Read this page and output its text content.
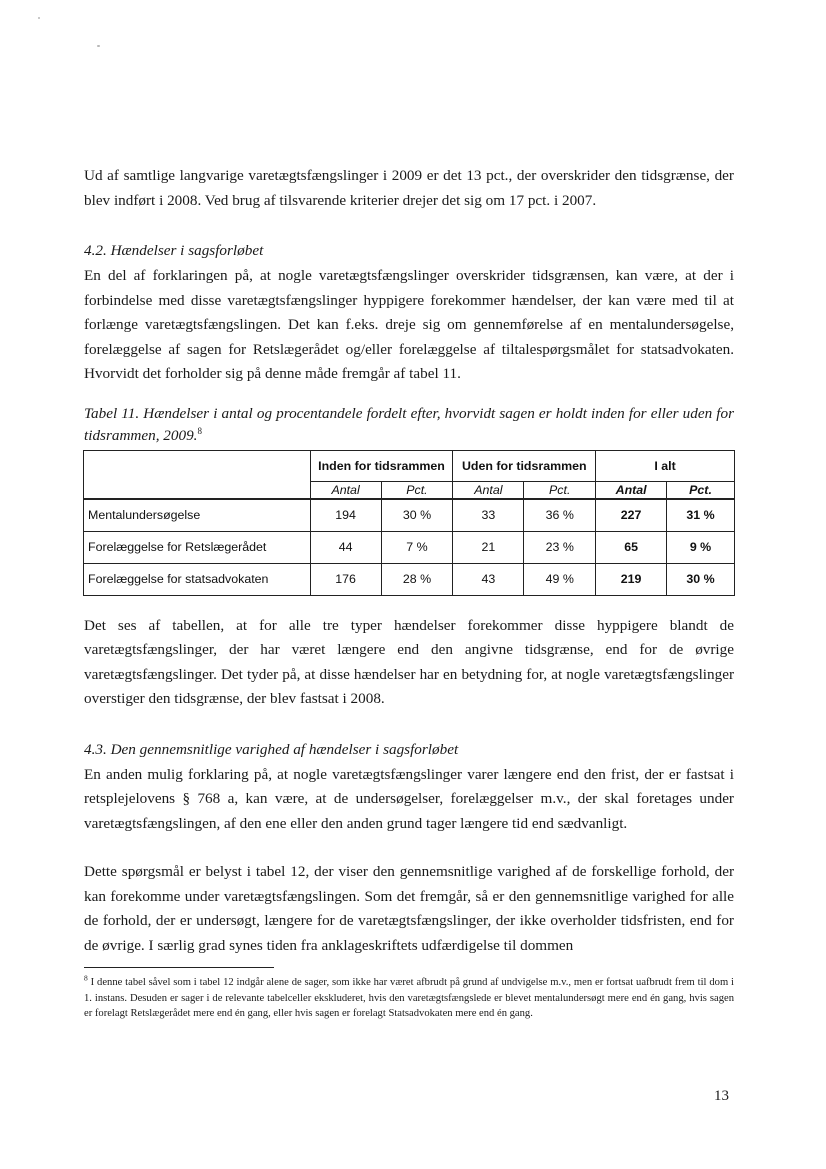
Ud af samtlige langvarige varetægtsfængslinger i 2009 er det 13 pct., der overskrider den tidsgrænse, der blev indført i 2008. Ved brug af tilsvarende kriterier drejer det sig om 17 pct. i 2007.

4.2. Hændelser i sagsforløbet

En del af forklaringen på, at nogle varetægtsfængslinger overskrider tidsgrænsen, kan være, at der i forbindelse med disse varetægtsfængslinger hyppigere forekommer hændelser, der kan være med til at forlænge varetægtsfængslingen. Det kan f.eks. dreje sig om gennemførelse af en mentalundersøgelse, forelæggelse af sagen for Retslægerådet og/eller forelæggelse af tiltalespørgsmålet for statsadvokaten. Hvorvidt det forholder sig på denne måde fremgår af tabel 11.

Tabel 11. Hændelser i antal og procentandele fordelt efter, hvorvidt sagen er holdt inden for eller uden for tidsrammen, 2009.$^8$

	Inden for tidsrammen		Uden for tidsrammen		I alt	
	Antal	Pct.	Antal	Pct.	Antal	Pct.
Mentalundersøgelse	194	30 %	33	36 %	227	31 %
Forelæggelse for Retslægerådet	44	7 %	21	23 %	65	9 %
Forelæggelse for statsadvokaten	176	28 %	43	49 %	219	30 %

Det ses af tabellen, at for alle tre typer hændelser forekommer disse hyppigere blandt de varetægtsfængslinger, der har været længere end den angivne tidsgrænse, end for de øvrige varetægtsfængslinger. Det tyder på, at disse hændelser har en betydning for, at nogle varetægtsfængslinger overstiger den tidsgrænse, der blev fastsat i 2008.

4.3. Den gennemsnitlige varighed af hændelser i sagsforløbet

En anden mulig forklaring på, at nogle varetægtsfængslinger varer længere end den frist, der er fastsat i retsplejelovens § 768 a, kan være, at de undersøgelser, forelæggelser m.v., der skal foretages under varetægtsfængslingen, af den ene eller den anden grund tager længere tid end sædvanligt.

Dette spørgsmål er belyst i tabel 12, der viser den gennemsnitlige varighed af de forskellige forhold, der kan forekomme under varetægtsfængslingen. Som det fremgår, så er den gennemsnitlige varighed for alle de forhold, der er undersøgt, længere for de varetægtsfængslinger, der ikke overholder tidsfristen, end for de øvrige. I særlig grad synes tiden fra anklageskriftets udfærdigelse til dommen

$^8$ I denne tabel såvel som i tabel 12 indgår alene de sager, som ikke har været afbrudt på grund af undvigelse m.v., men er fortsat uafbrudt frem til dom i 1. instans. Desuden er sager i de relevante tabelceller ekskluderet, hvis den varetægtsfængslede er blevet mentalundersøgt mere end én gang, hvis sagen er forelagt Retslægerådet mere end én gang, eller hvis sagen er forelagt Statsadvokaten mere end én gang.
13
